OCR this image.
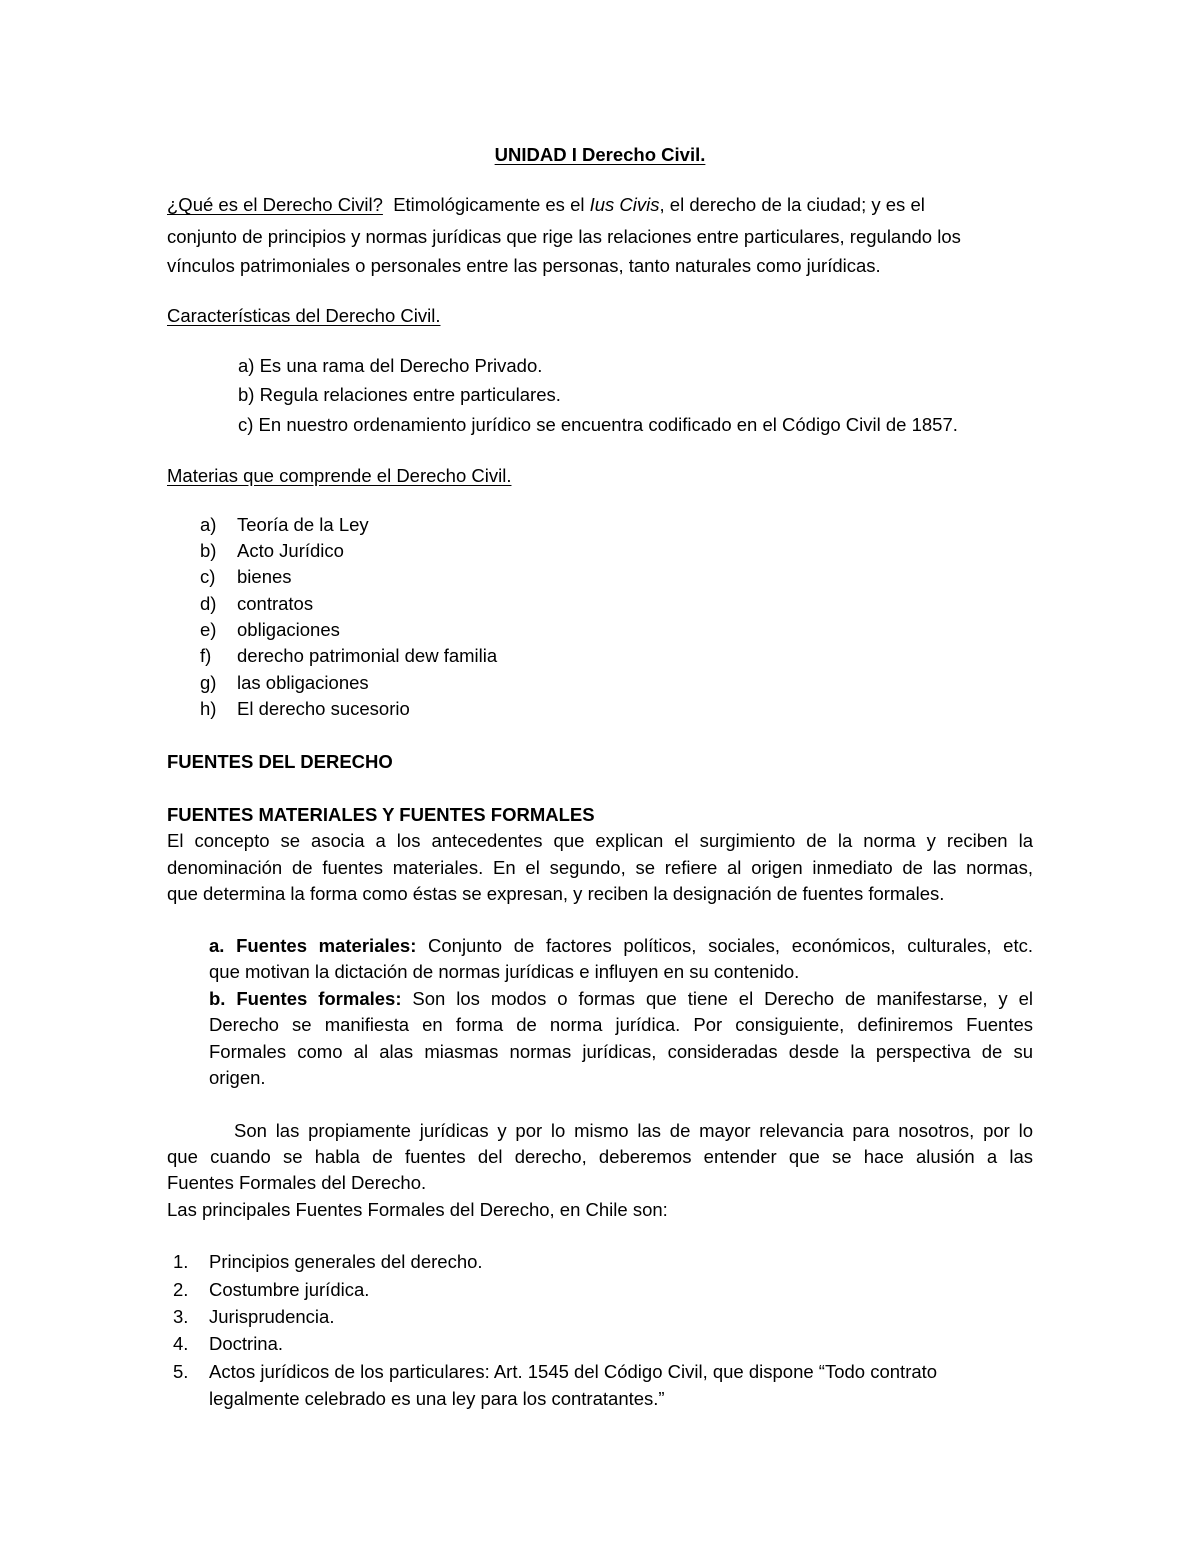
UNIDAD I Derecho Civil.
¿Qué es el Derecho Civil? Etimológicamente es el Ius Civis, el derecho de la ciudad; y es el
conjunto de principios y normas jurídicas que rige las relaciones entre particulares, regulando los
vínculos patrimoniales o personales entre las personas, tanto naturales como jurídicas.
Características del Derecho Civil.
a) Es una rama del Derecho Privado.
b) Regula relaciones entre particulares.
c) En nuestro ordenamiento jurídico se encuentra codificado en el Código Civil de 1857.
Materias que comprende el Derecho Civil.
a) Teoría de la Ley
b) Acto Jurídico
c) bienes
d) contratos
e) obligaciones
f) derecho patrimonial dew familia
g) las obligaciones
h) El derecho sucesorio
FUENTES DEL DERECHO
FUENTES MATERIALES Y FUENTES FORMALES
El concepto se asocia a los antecedentes que explican el surgimiento de la norma y reciben la
denominación de fuentes materiales. En el segundo, se refiere al origen inmediato de las normas,
que determina la forma como éstas se expresan, y reciben la designación de fuentes formales.
a. Fuentes materiales: Conjunto de factores políticos, sociales, económicos, culturales, etc.
que motivan la dictación de normas jurídicas e influyen en su contenido.
b. Fuentes formales: Son los modos o formas que tiene el Derecho de manifestarse, y el
Derecho se manifiesta en forma de norma jurídica. Por consiguiente, definiremos Fuentes
Formales como al alas miasmas normas jurídicas, consideradas desde la perspectiva de su
origen.
Son las propiamente jurídicas y por lo mismo las de mayor relevancia para nosotros, por lo
que cuando se habla de fuentes del derecho, deberemos entender que se hace alusión a las
Fuentes Formales del Derecho.
Las principales Fuentes Formales del Derecho, en Chile son:
1. Principios generales del derecho.
2. Costumbre jurídica.
3. Jurisprudencia.
4. Doctrina.
5. Actos jurídicos de los particulares: Art. 1545 del Código Civil, que dispone “Todo contrato
legalmente celebrado es una ley para los contratantes.”
